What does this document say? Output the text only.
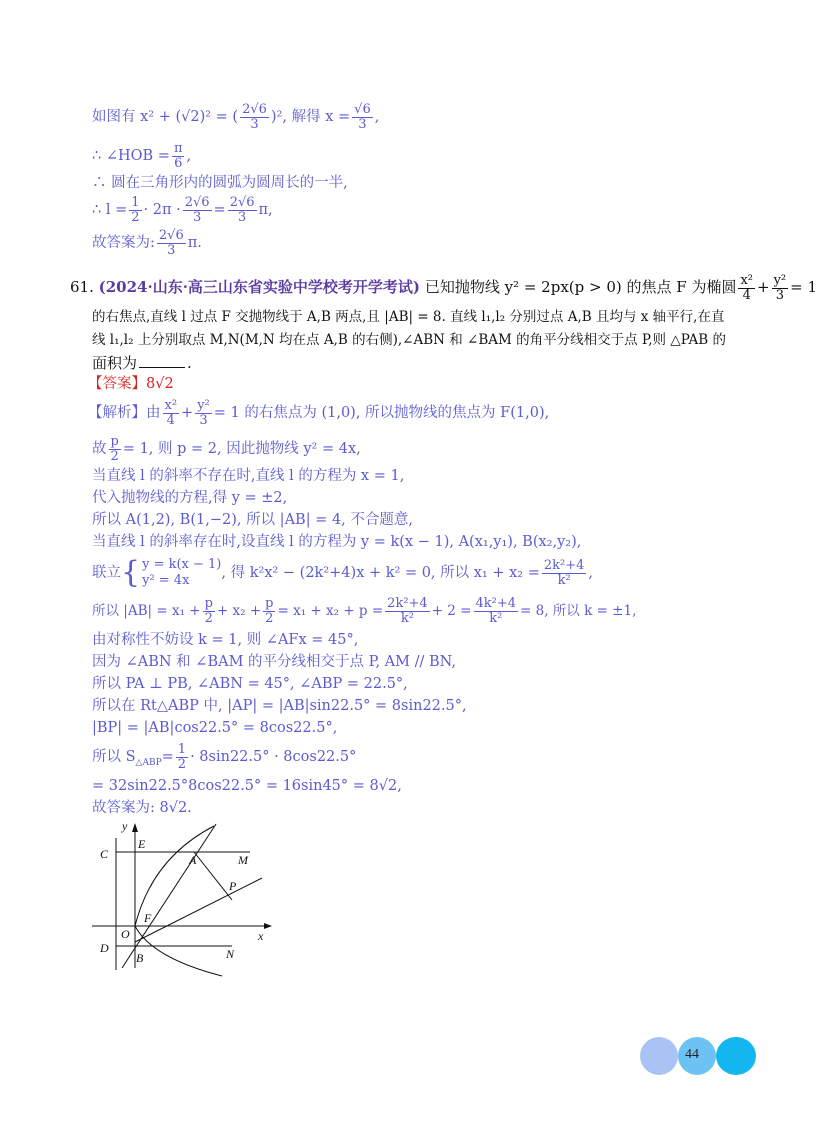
如图有 x² + (√2)² = ( $\frac{2√6}{3} )^2$, 解得 $x = \frac{√6}{3}$ ,
∴ ∠HOB = $\frac{\pi}{6}$ ,
∴ 圆在三角形内的圆弧为圆周长的一半,
∴ $l = \frac{1}{2} \cdot 2\pi \cdot \frac{2√6}{3} = \frac{2√6}{3} \pi$,
故答案为: $\frac{2√6}{3} \pi$.
61. (2024·山东·高三山东省实验中学校考开学考试) 已知抛物线 y² = 2px(p > 0) 的焦点 F 为椭圆 $\frac{\text{x²}}{4} + \frac{\text{y²}}{3} = 1$
的右焦点,直线 l 过点 F 交抛物线于 A,B 两点,且 |AB| = 8. 直线 l₁,l₂ 分别过点 A,B 且均与 x 轴平行,在直
线 l₁,l₂ 上分别取点 M,N(M,N 均在点 A,B 的右侧),∠ABN 和 ∠BAM 的角平分线相交于点 P,则 △PAB 的
面积为	.
【答案】8√2
【解析】由 $\frac{\text{x²}}{4} + \frac{\text{y²}}{3} = 1$ 的右焦点为 (1,0), 所以抛物线的焦点为 F(1,0),
故 $\frac{p}{2} = 1$, 则 p = 2, 因此抛物线 y² = 4x,
当直线 l 的斜率不存在时,直线 l 的方程为 x = 1,
代入抛物线的方程,得 y = ±2,
所以 A(1,2), B(1,−2), 所以 |AB| = 4, 不合题意,
当直线 l 的斜率存在时,设直线 l 的方程为 y = k(x − 1), A(x₁,y₁), B(x₂,y₂),
联立 { y = k(x − 1)
y² = 4x	, 得 k²x² − (2k²+4)x + k² = 0, 所以 $x_1 + x_2 = \frac{\text{2k²+4}}{\text{k²}}$ ,
所以 $|AB| = x_1 + \frac{p}{2} + x_2 + \frac{p}{2} = x_1 + x_2 + p = \frac{\text{2k²+4}}{\text{k²}} + 2 = \frac{\text{4k²+4}}{\text{k²}} = 8$, 所以 k = ±1,
由对称性不妨设 k = 1, 则 ∠AFx = 45°,
因为 ∠ABN 和 ∠BAM 的平分线相交于点 P, AM // BN,
所以 PA ⊥ PB, ∠ABN = 45°, ∠ABP = 22.5°,
所以在 Rt△ABP 中, |AP| = |AB|sin22.5° = 8sin22.5°,
|BP| = |AB|cos22.5° = 8cos22.5°,
所以 $S_{\triangle ABP}= \frac{1}{2} \cdot 8\sin 22.5^\circ \cdot 8\cos 22.5^\circ$
= 32sin22.5°8cos22.5° = 16sin45° = 8√2,
故答案为: 8√2.
y
x
C
E
A	M
P
F
O
D
B	N
44
